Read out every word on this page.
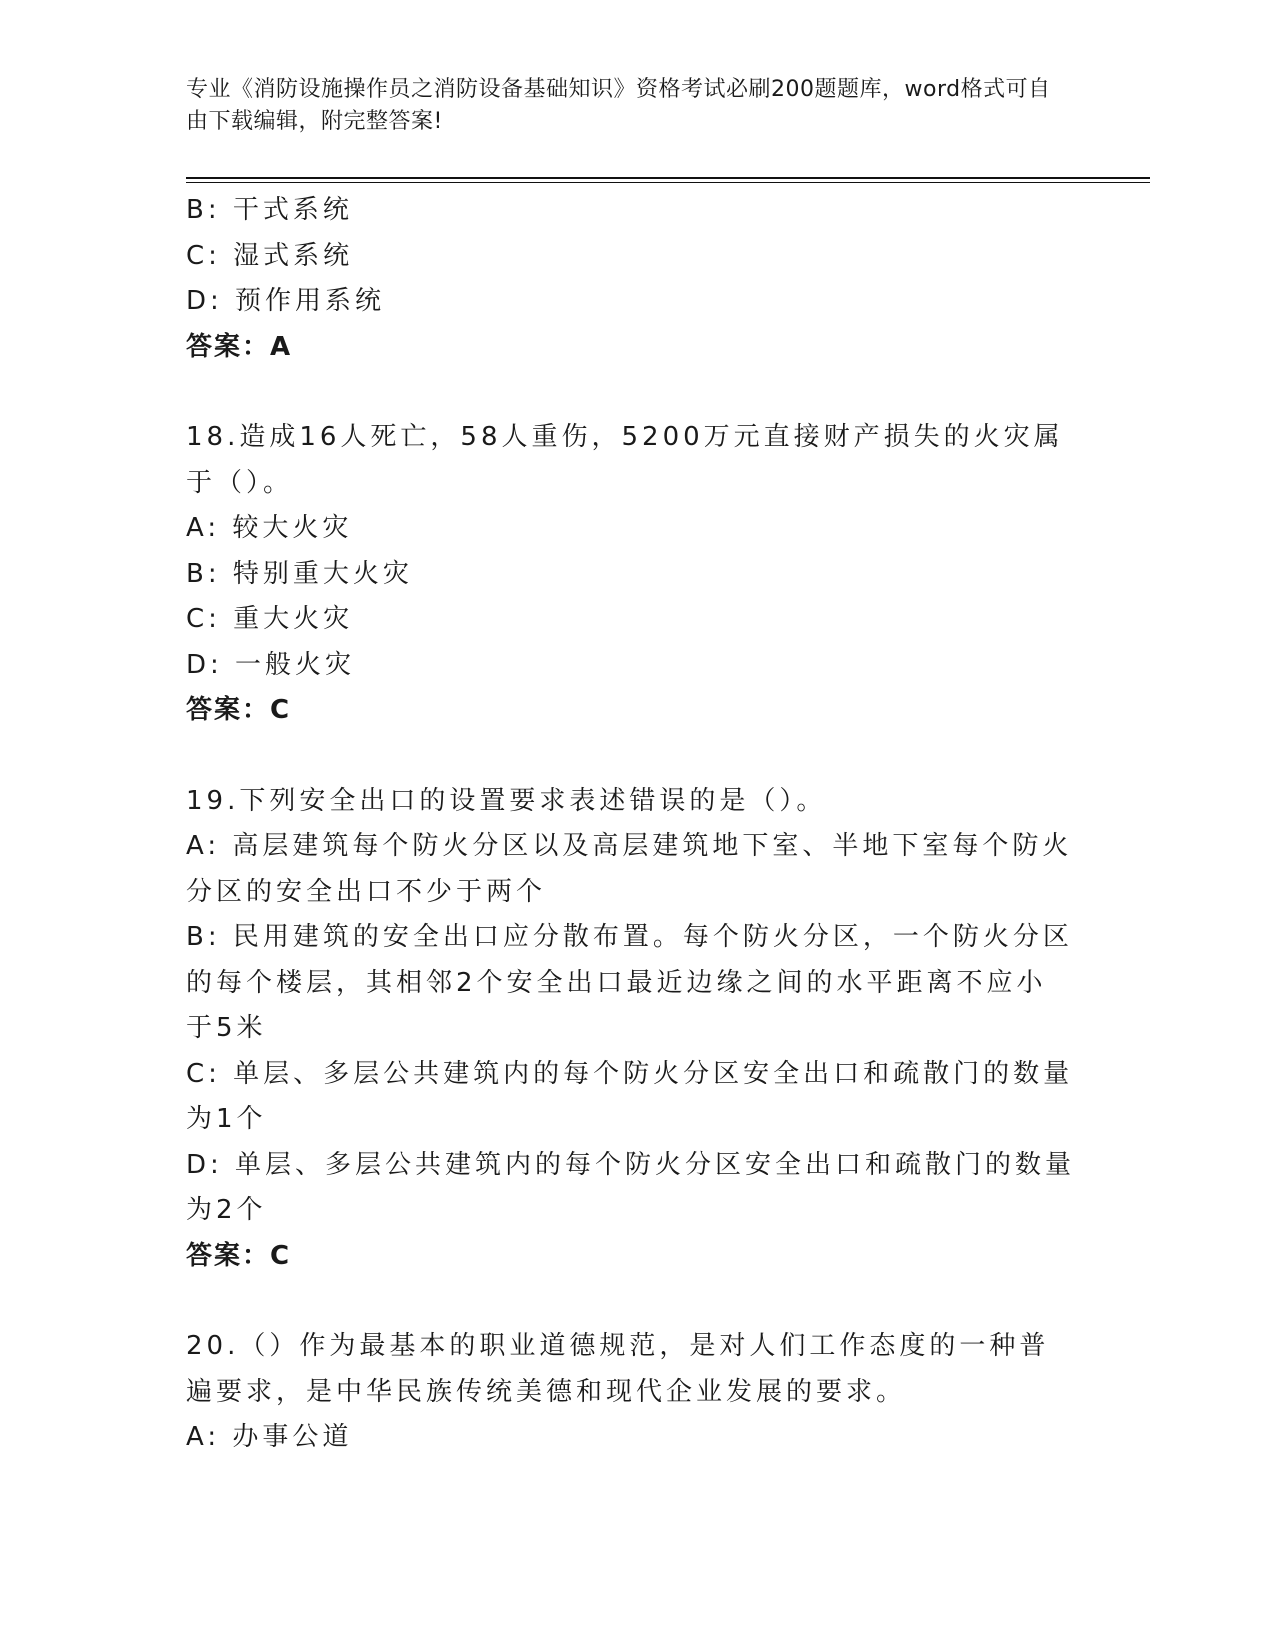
专业《消防设施操作员之消防设备基础知识》资格考试必刷200题题库，word格式可自由下载编辑，附完整答案!

B: 干式系统

C: 湿式系统

D: 预作用系统

答案：A

18.造成16人死亡，58人重伤，5200万元直接财产损失的火灾属于（）。

A: 较大火灾

B: 特别重大火灾

C: 重大火灾

D: 一般火灾

答案：C

19.下列安全出口的设置要求表述错误的是（）。

A: 高层建筑每个防火分区以及高层建筑地下室、半地下室每个防火分区的安全出口不少于两个

B: 民用建筑的安全出口应分散布置。每个防火分区，一个防火分区的每个楼层，其相邻2个安全出口最近边缘之间的水平距离不应小于5米

C: 单层、多层公共建筑内的每个防火分区安全出口和疏散门的数量为1个

D: 单层、多层公共建筑内的每个防火分区安全出口和疏散门的数量为2个

答案：C

20.（）作为最基本的职业道德规范，是对人们工作态度的一种普遍要求，是中华民族传统美德和现代企业发展的要求。

A: 办事公道
